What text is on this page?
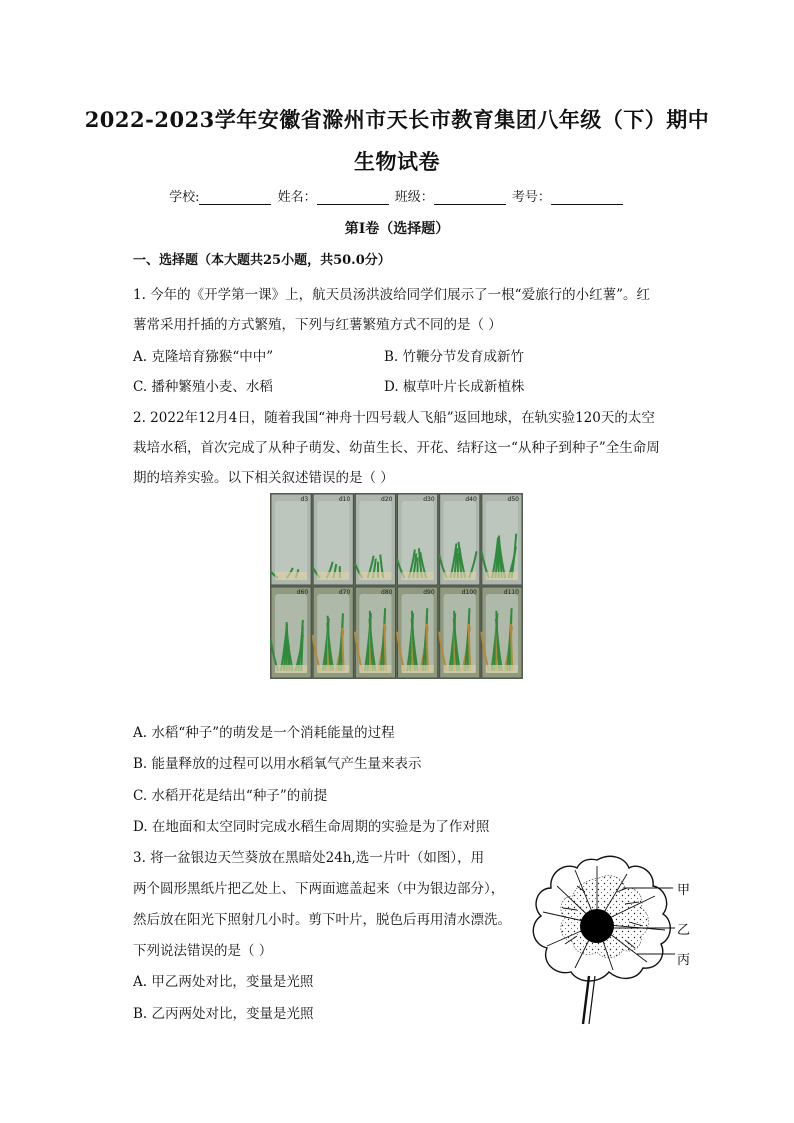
2022-2023学年安徽省滁州市天长市教育集团八年级（下）期中
生物试卷
学校:	姓名：	班级：	考号：
第I卷（选择题）
一、选择题（本大题共25小题，共50.0分）
1. 今年的《开学第一课》上，航天员汤洪波给同学们展示了一根“爱旅行的小红薯”。红
薯常采用扦插的方式繁殖，下列与红薯繁殖方式不同的是（ ）
A. 克隆培育猕猴“中中”	B. 竹鞭分节发育成新竹
C. 播种繁殖小麦、水稻	D. 椒草叶片长成新植株
2. 2022年12月4日，随着我国“神舟十四号载人飞船”返回地球，在轨实验120天的太空
栽培水稻，首次完成了从种子萌发、幼苗生长、开花、结籽这一“从种子到种子”全生命周
期的培养实验。以下相关叙述错误的是（ ）
d3	d10	d20	d30	d40	d50
d60	d70	d80	d90	d100	d110
A. 水稻“种子”的萌发是一个消耗能量的过程
B. 能量释放的过程可以用水稻氧气产生量来表示
C. 水稻开花是结出“种子”的前提
D. 在地面和太空同时完成水稻生命周期的实验是为了作对照
3. 将一盆银边天竺葵放在黑暗处24h,选一片叶（如图），用
两个圆形黑纸片把乙处上、下两面遮盖起来（中为银边部分），
然后放在阳光下照射几小时。剪下叶片，脱色后再用清水漂洗。
下列说法错误的是（ ）
A. 甲乙两处对比，变量是光照
B. 乙丙两处对比，变量是光照
甲
乙
丙
